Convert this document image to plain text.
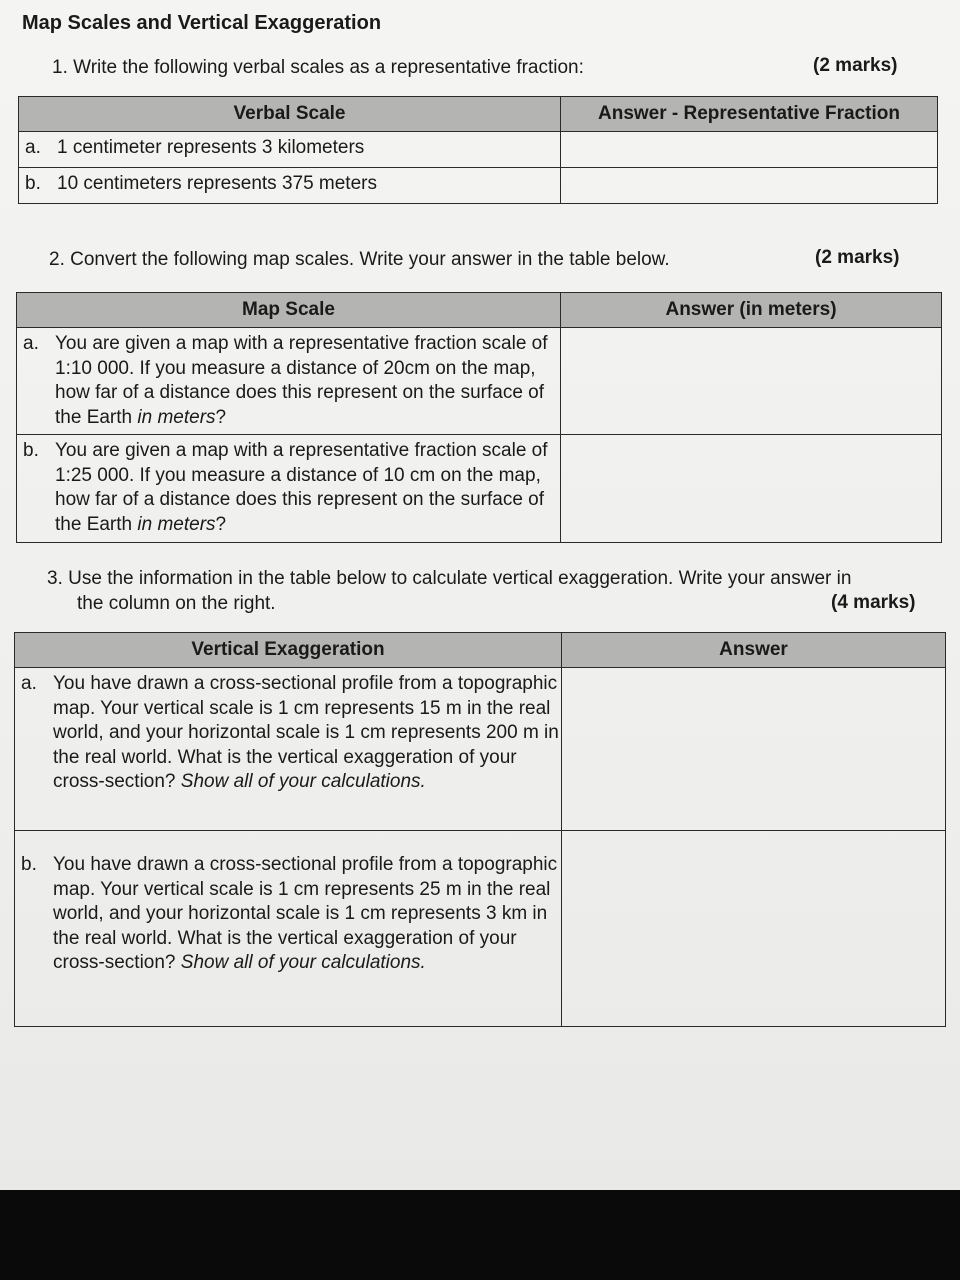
Map Scales and Vertical Exaggeration
1. Write the following verbal scales as a representative fraction:	(2 marks)
Verbal Scale	Answer - Representative Fraction

a. 1 centimeter represents 3 kilometers	

b. 10 centimeters represents 375 meters	

2. Convert the following map scales. Write your answer in the table below.	(2 marks)
Map Scale	Answer (in meters)

a. You are given a map with a representative fraction scale of 1:10 000. If you measure a distance of 20cm on the map, how far of a distance does this represent on the surface of the Earth in meters?	

b. You are given a map with a representative fraction scale of 1:25 000. If you measure a distance of 10 cm on the map, how far of a distance does this represent on the surface of the Earth in meters?	

3. Use the information in the table below to calculate vertical exaggeration. Write your answer in
the column on the right.	(4 marks)
Vertical Exaggeration	Answer

a. You have drawn a cross-sectional profile from a topographic map. Your vertical scale is 1 cm represents 15 m in the real world, and your horizontal scale is 1 cm represents 200 m in the real world. What is the vertical exaggeration of your cross-section? Show all of your calculations.	

b. You have drawn a cross-sectional profile from a topographic map. Your vertical scale is 1 cm represents 25 m in the real world, and your horizontal scale is 1 cm represents 3 km in the real world. What is the vertical exaggeration of your cross-section? Show all of your calculations.	
